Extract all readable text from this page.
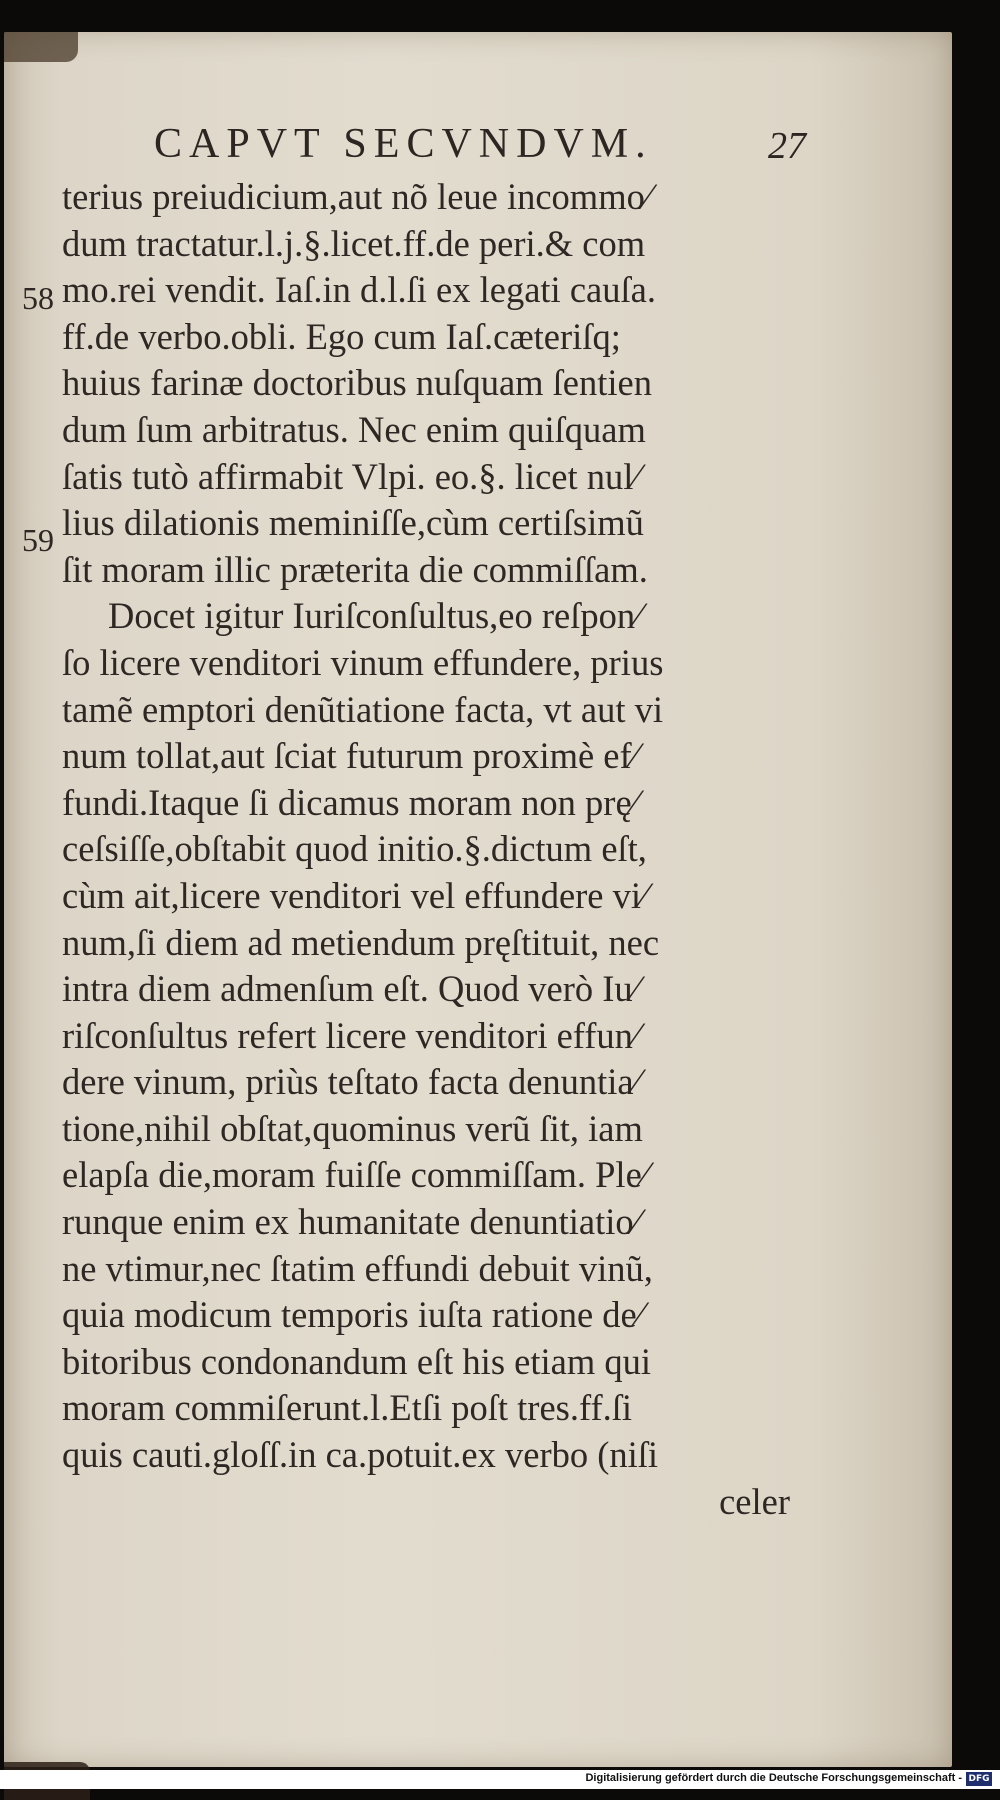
CAPVT SECVNDVM.	27
58
59
terius preiudicium,aut nõ leue incommo⁄
dum tractatur.l.j.§.licet.ff.de peri.& com
mo.rei vendit. Iaſ.in d.l.ſi ex legati cauſa.
ff.de verbo.obli. Ego cum Iaſ.cæteriſq;
huius farinæ doctoribus nuſquam ſentien
dum ſum arbitratus. Nec enim quiſquam
ſatis tutò affirmabit Vlpi. eo.§. licet nul⁄
lius dilationis meminiſſe,cùm certiſsimũ
ſit moram illic præterita die commiſſam.
Docet igitur Iuriſconſultus,eo reſpon⁄
ſo licere venditori vinum effundere, prius
tamẽ emptori denũtiatione facta, vt aut vi
num tollat,aut ſciat futurum proximè ef⁄
fundi.Itaque ſi dicamus moram non prę⁄
ceſsiſſe,obſtabit quod initio.§.dictum eſt,
cùm ait,licere venditori vel effundere vi⁄
num,ſi diem ad metiendum pręſtituit, nec
intra diem admenſum eſt. Quod verò Iu⁄
riſconſultus refert licere venditori effun⁄
dere vinum, priùs teſtato facta denuntia⁄
tione,nihil obſtat,quominus verũ ſit, iam
elapſa die,moram fuiſſe commiſſam. Ple⁄
runque enim ex humanitate denuntiatio⁄
ne vtimur,nec ſtatim effundi debuit vinũ,
quia modicum temporis iuſta ratione de⁄
bitoribus condonandum eſt his etiam qui
moram commiſerunt.l.Etſi poſt tres.ff.ſi
quis cauti.gloſſ.in ca.potuit.ex verbo (niſi
celer
Digitalisierung gefördert durch die Deutsche Forschungsgemeinschaft - DFG
